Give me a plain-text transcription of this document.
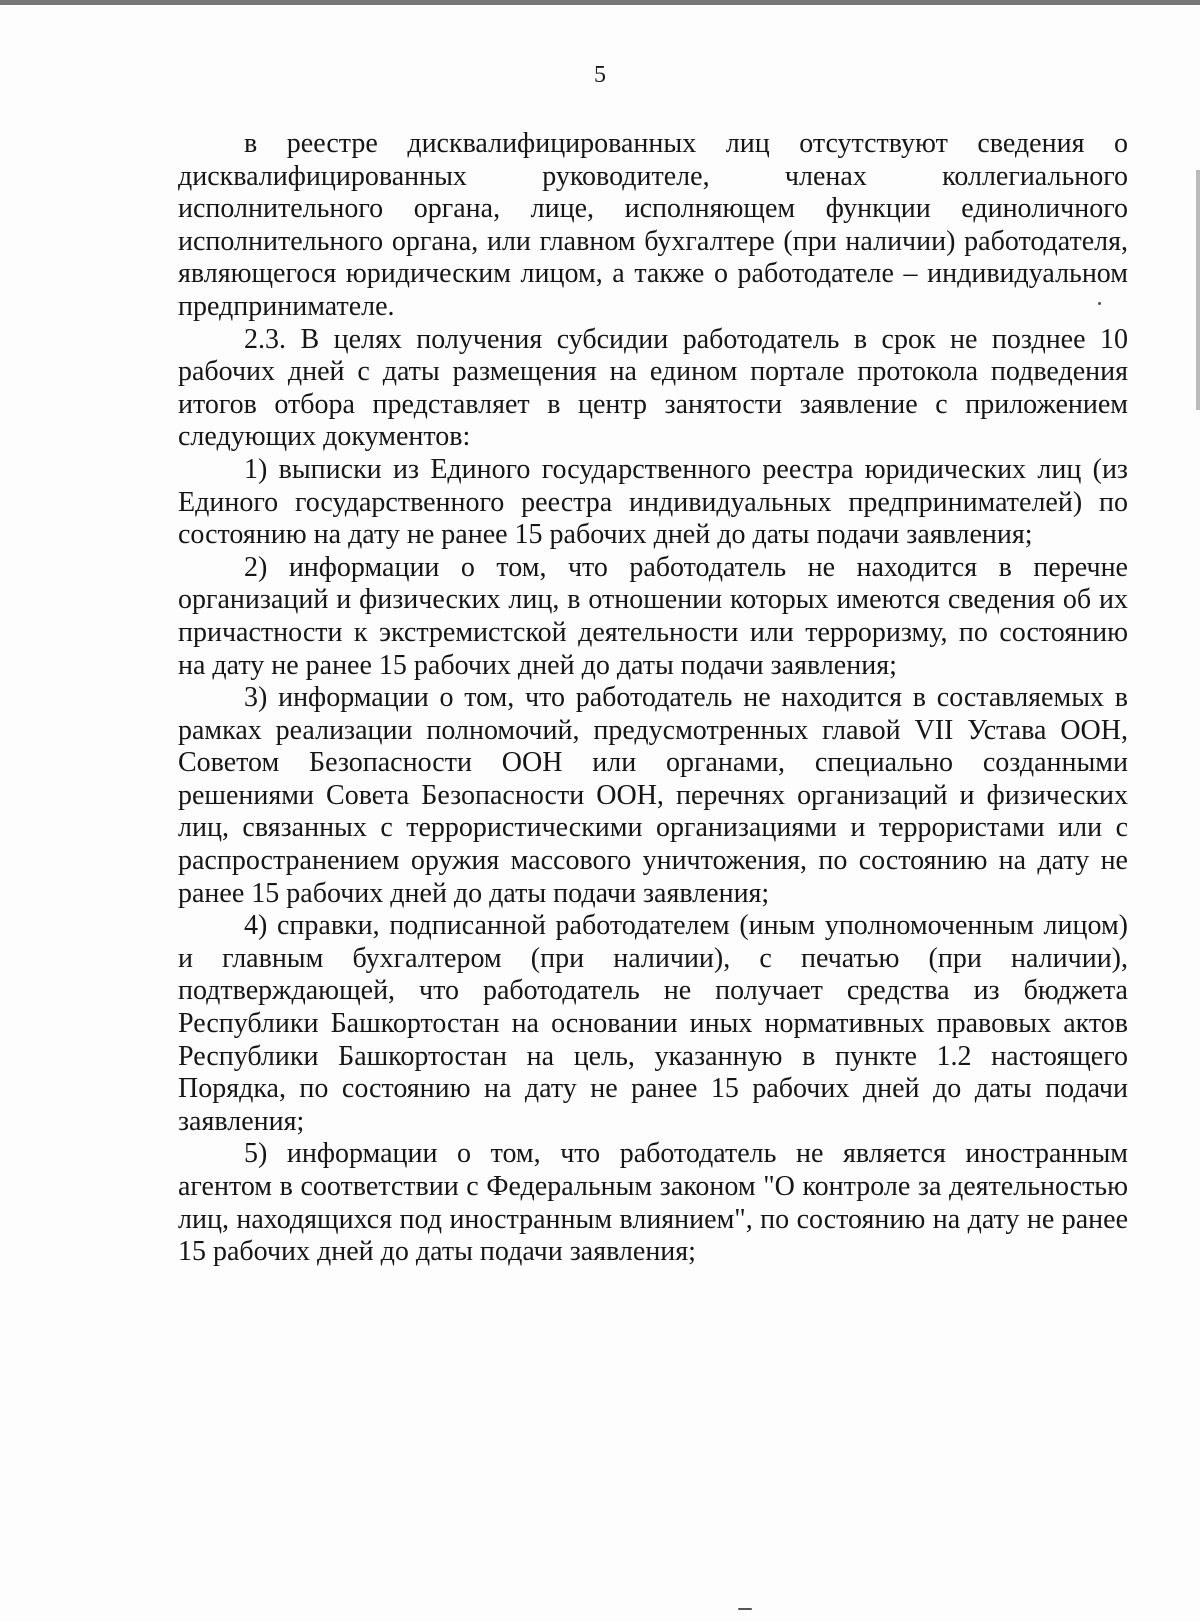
5

в реестре дисквалифицированных лиц отсутствуют сведения о дисквалифицированных руководителе, членах коллегиального исполнительного органа, лице, исполняющем функции единоличного исполнительного органа, или главном бухгалтере (при наличии) работодателя, являющегося юридическим лицом, а также о работодателе – индивидуальном предпринимателе.

2.3. В целях получения субсидии работодатель в срок не позднее 10 рабочих дней с даты размещения на едином портале протокола подведения итогов отбора представляет в центр занятости заявление с приложением следующих документов:

1) выписки из Единого государственного реестра юридических лиц (из Единого государственного реестра индивидуальных предпринимателей) по состоянию на дату не ранее 15 рабочих дней до даты подачи заявления;

2) информации о том, что работодатель не находится в перечне организаций и физических лиц, в отношении которых имеются сведения об их причастности к экстремистской деятельности или терроризму, по состоянию на дату не ранее 15 рабочих дней до даты подачи заявления;

3) информации о том, что работодатель не находится в составляемых в рамках реализации полномочий, предусмотренных главой VII Устава ООН, Советом Безопасности ООН или органами, специально созданными решениями Совета Безопасности ООН, перечнях организаций и физических лиц, связанных с террористическими организациями и террористами или с распространением оружия массового уничтожения, по состоянию на дату не ранее 15 рабочих дней до даты подачи заявления;

4) справки, подписанной работодателем (иным уполномоченным лицом) и главным бухгалтером (при наличии), с печатью (при наличии), подтверждающей, что работодатель не получает средства из бюджета Республики Башкортостан на основании иных нормативных правовых актов Республики Башкортостан на цель, указанную в пункте 1.2 настоящего Порядка, по состоянию на дату не ранее 15 рабочих дней до даты подачи заявления;

5) информации о том, что работодатель не является иностранным агентом в соответствии с Федеральным законом "О контроле за деятельностью лиц, находящихся под иностранным влиянием", по состоянию на дату не ранее 15 рабочих дней до даты подачи заявления;
